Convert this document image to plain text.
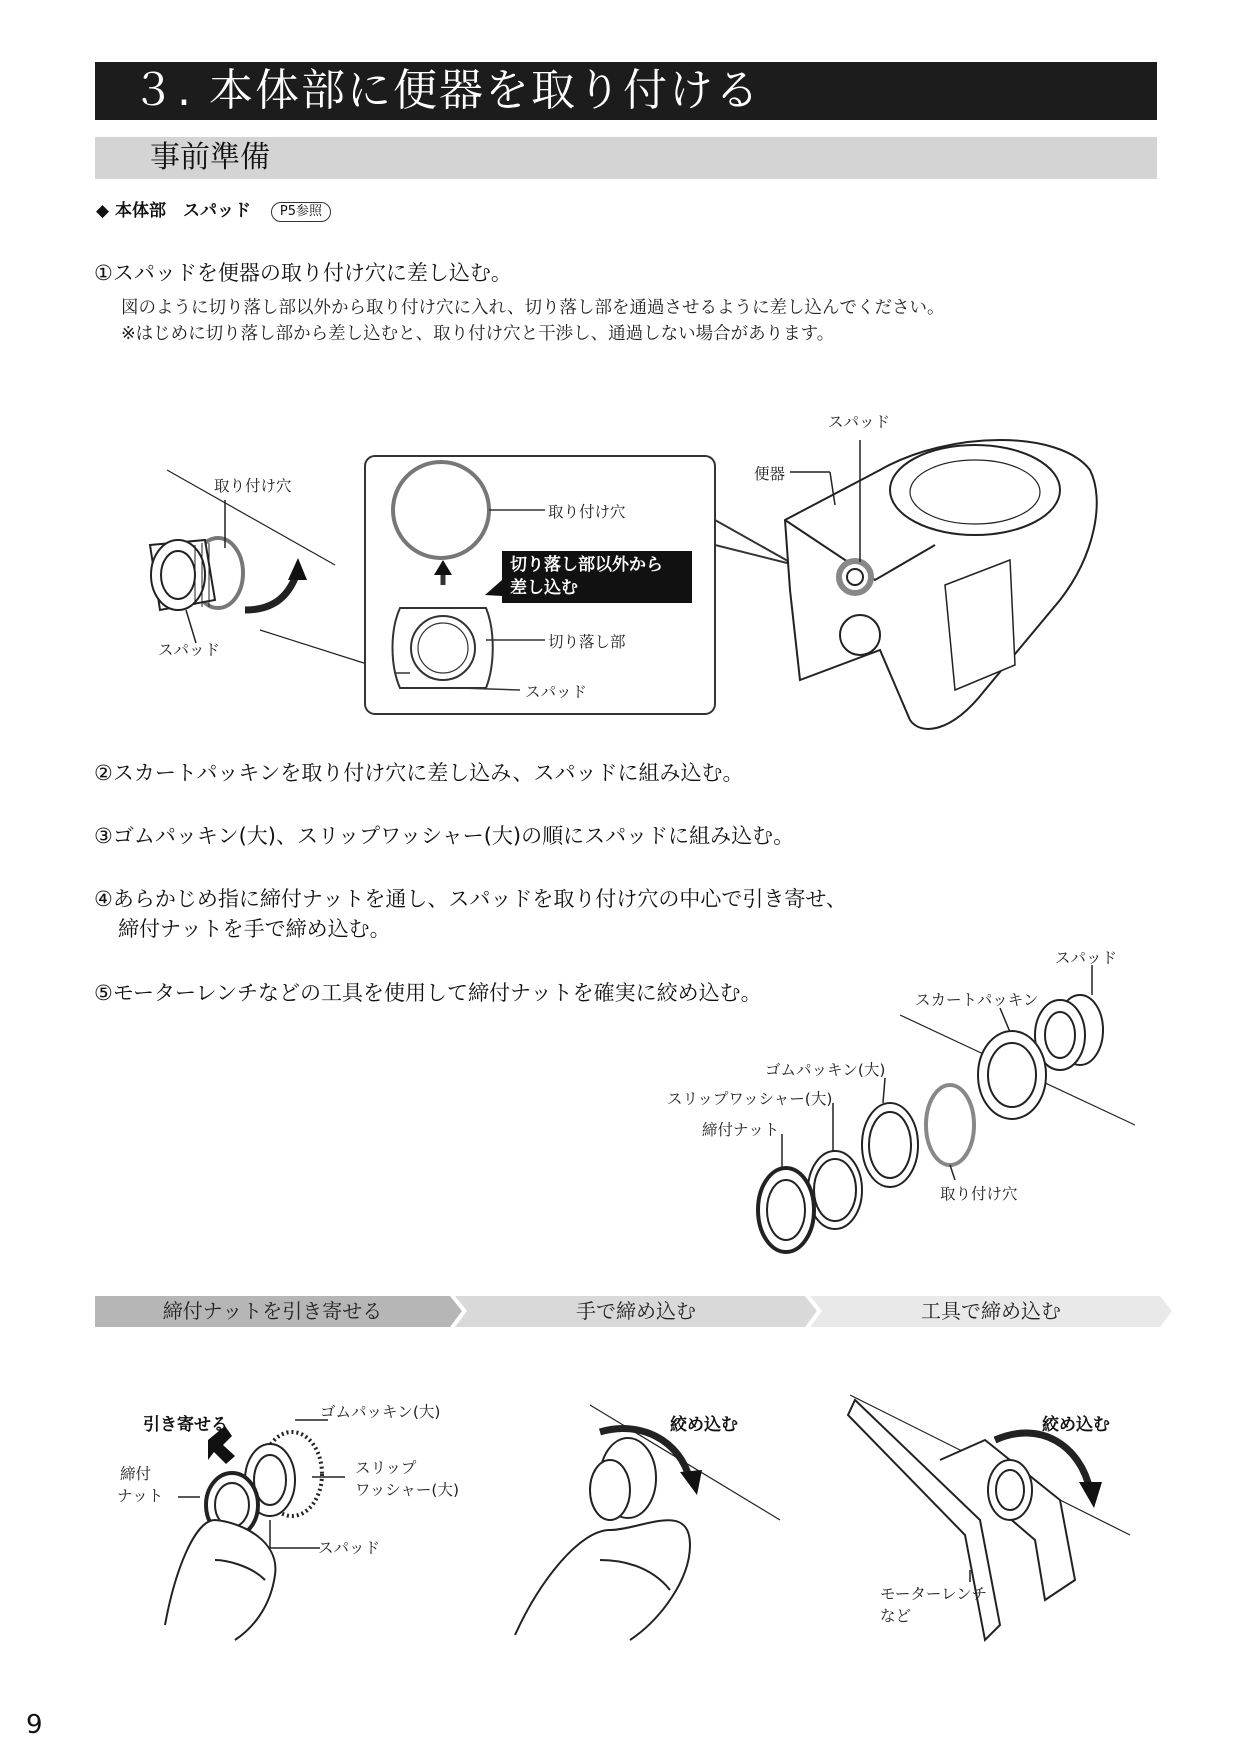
３. 本体部に便器を取り付ける
事前準備
◆ 本体部　スパッド P5参照
①スパッドを便器の取り付け穴に差し込む。
図のように切り落し部以外から取り付け穴に入れ、切り落し部を通過させるように差し込んでください。
※はじめに切り落し部から差し込むと、取り付け穴と干渉し、通過しない場合があります。
取り付け穴
スパッド
取り付け穴
切り落し部以外から
差し込む
切り落し部
スパッド
スパッド
便器
②スカートパッキンを取り付け穴に差し込み、スパッドに組み込む。
③ゴムパッキン(大)、スリップワッシャー(大)の順にスパッドに組み込む。
④あらかじめ指に締付ナットを通し、スパッドを取り付け穴の中心で引き寄せ、
締付ナットを手で締め込む。
⑤モーターレンチなどの工具を使用して締付ナットを確実に絞め込む。
スパッド
スカートパッキン
ゴムパッキン(大)
スリップワッシャー(大)
締付ナット
取り付け穴
締付ナットを引き寄せる	手で締め込む	工具で締め込む
引き寄せる
ゴムパッキン(大)
締付
ナット
スリップ
ワッシャー(大)
スパッド
絞め込む	絞め込む
モーターレンチ
など
9
